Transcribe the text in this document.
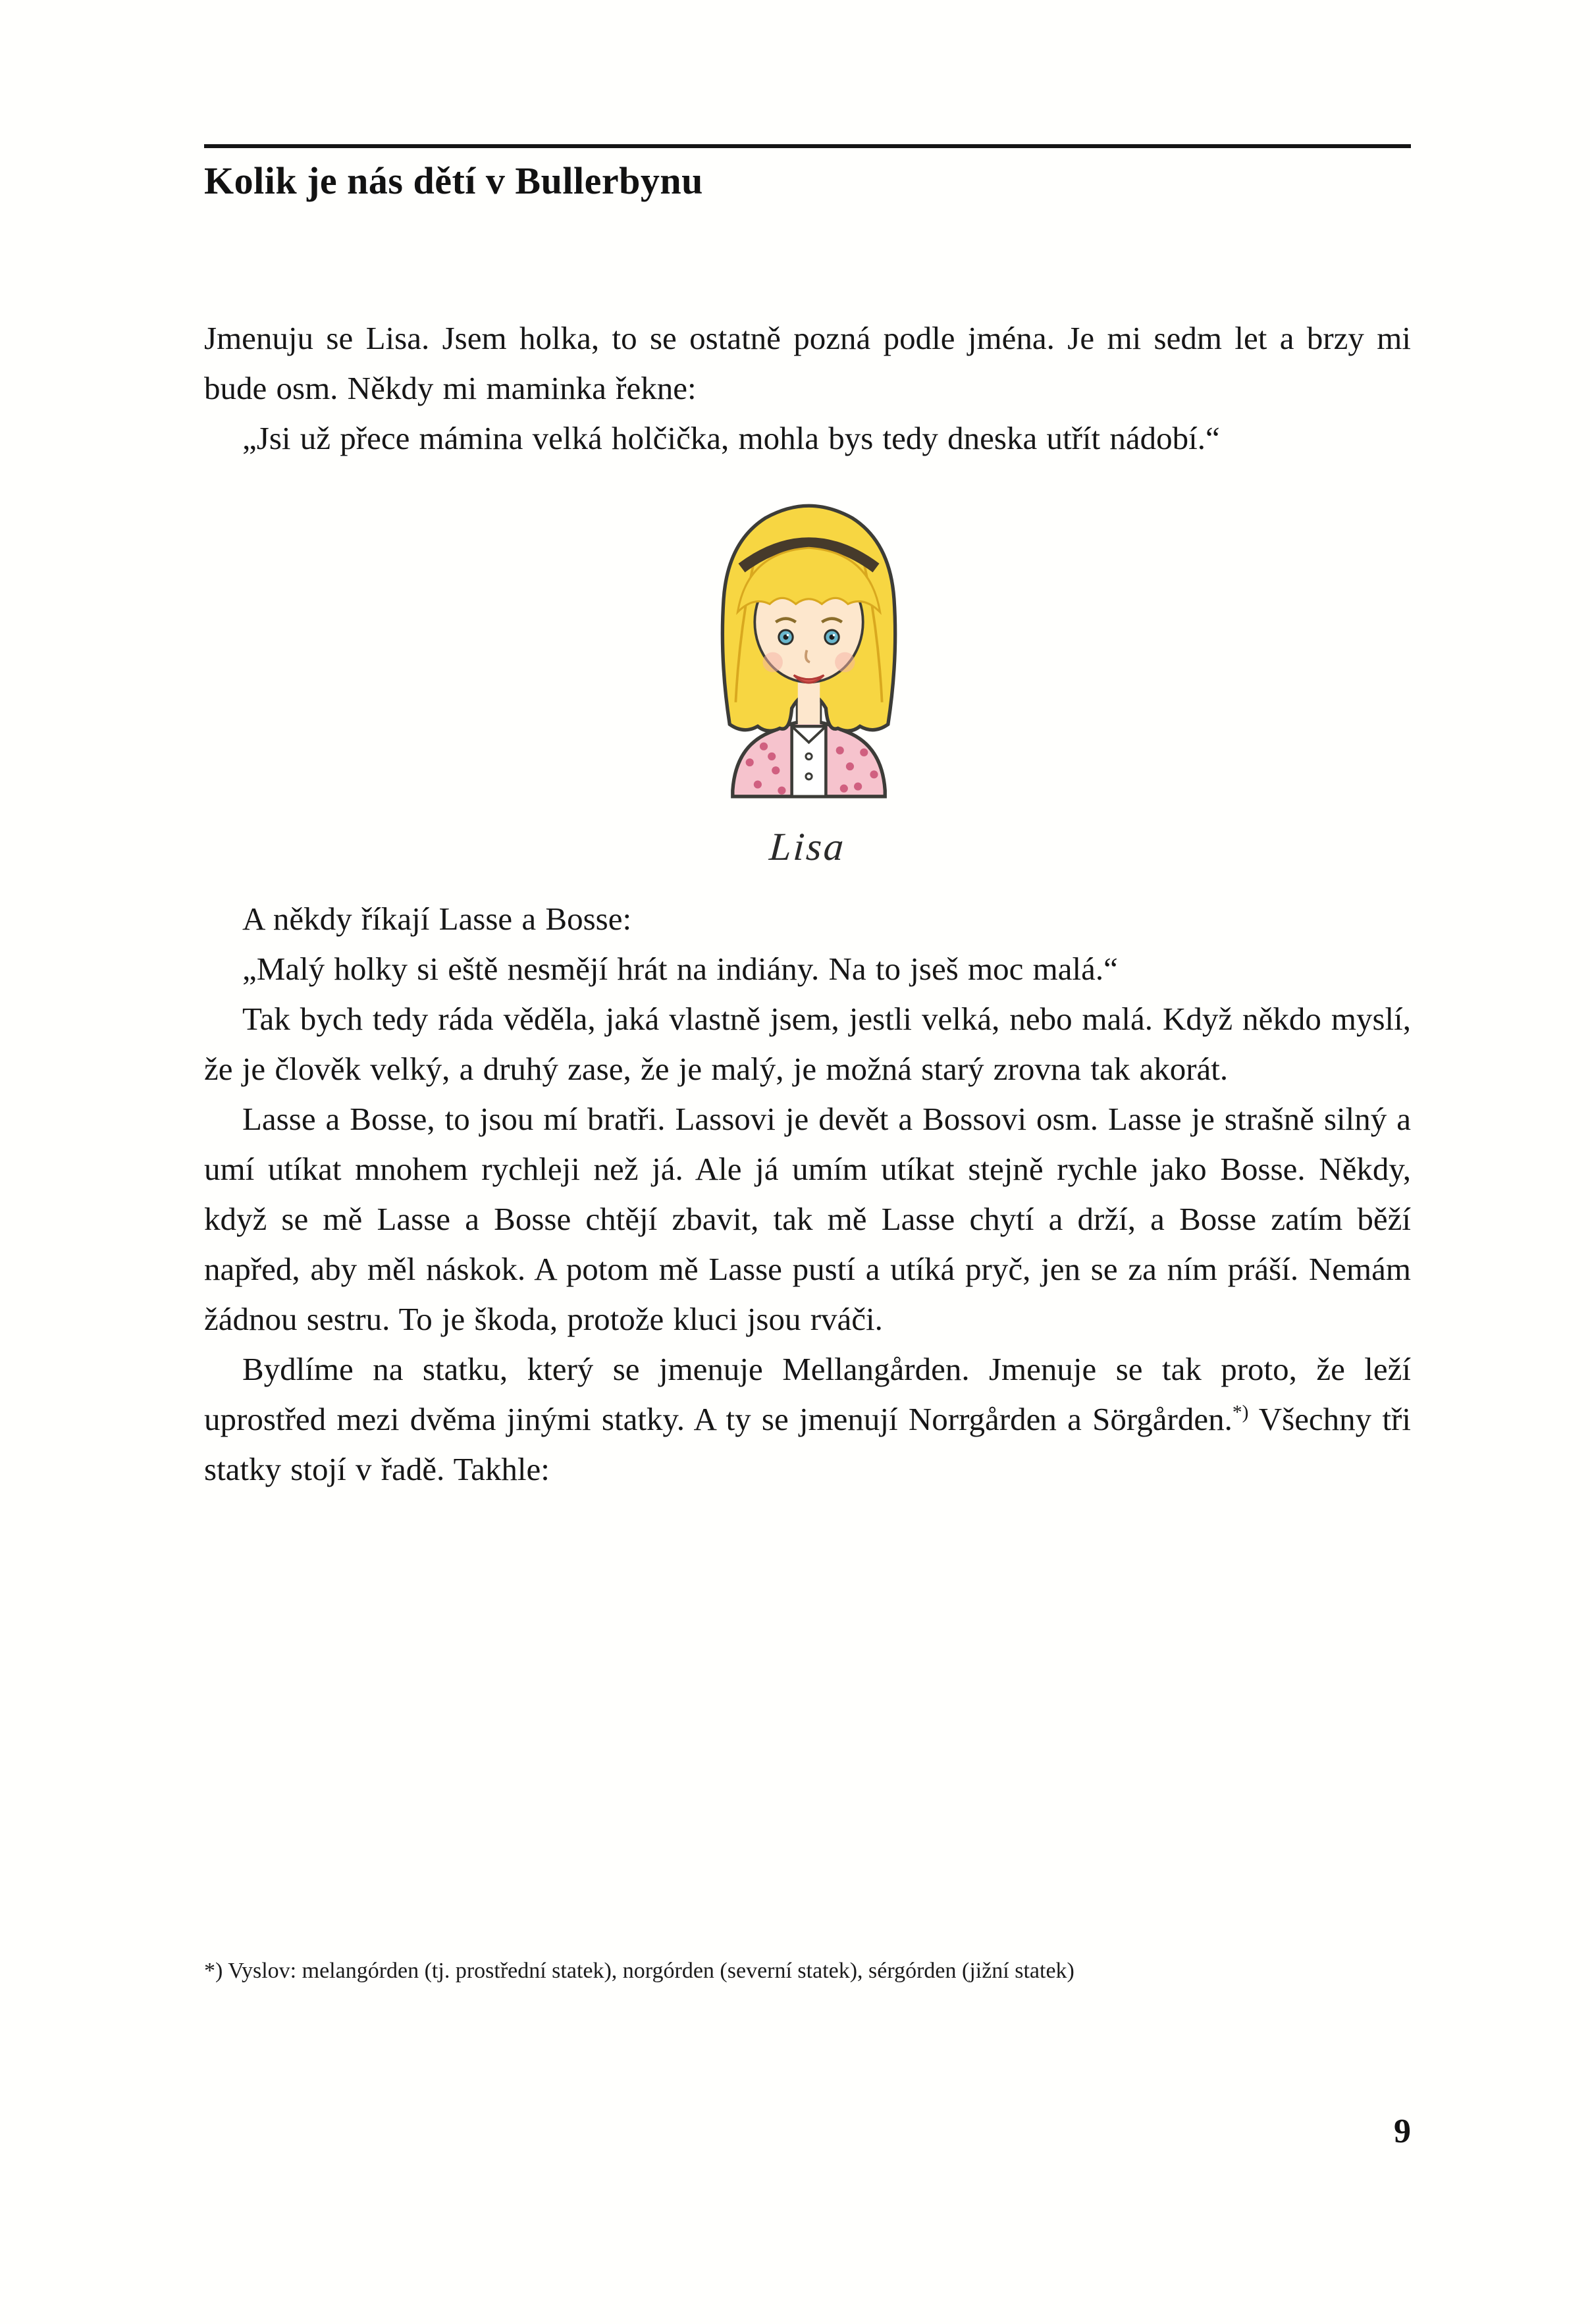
Kolik je nás dětí v Bullerbynu

Jmenuju se Lisa. Jsem holka, to se ostatně pozná podle jména. Je mi sedm let a brzy mi bude osm. Někdy mi maminka řekne:

„Jsi už přece mámina velká holčička, mohla bys tedy dneska utřít nádobí.“

Lisa

A někdy říkají Lasse a Bosse:

„Malý holky si eště nesmějí hrát na indiány. Na to jseš moc malá.“

Tak bych tedy ráda věděla, jaká vlastně jsem, jestli velká, nebo malá. Když někdo myslí, že je člověk velký, a druhý zase, že je malý, je možná starý zrovna tak akorát.

Lasse a Bosse, to jsou mí bratři. Lassovi je devět a Bossovi osm. Lasse je strašně silný a umí utíkat mnohem rychleji než já. Ale já umím utíkat stejně rychle jako Bosse. Někdy, když se mě Lasse a Bosse chtějí zbavit, tak mě Lasse chytí a drží, a Bosse zatím běží napřed, aby měl náskok. A potom mě Lasse pustí a utíká pryč, jen se za ním práší. Nemám žádnou sestru. To je škoda, protože kluci jsou rváči.

Bydlíme na statku, který se jmenuje Mellangården. Jmenuje se tak proto, že leží uprostřed mezi dvěma jinými statky. A ty se jmenují Norrgården a Sörgården.*) Všechny tři statky stojí v řadě. Takhle:

*) Vyslov: melangórden (tj. prostřední statek), norgórden (severní statek), sérgórden (jižní statek)
9
